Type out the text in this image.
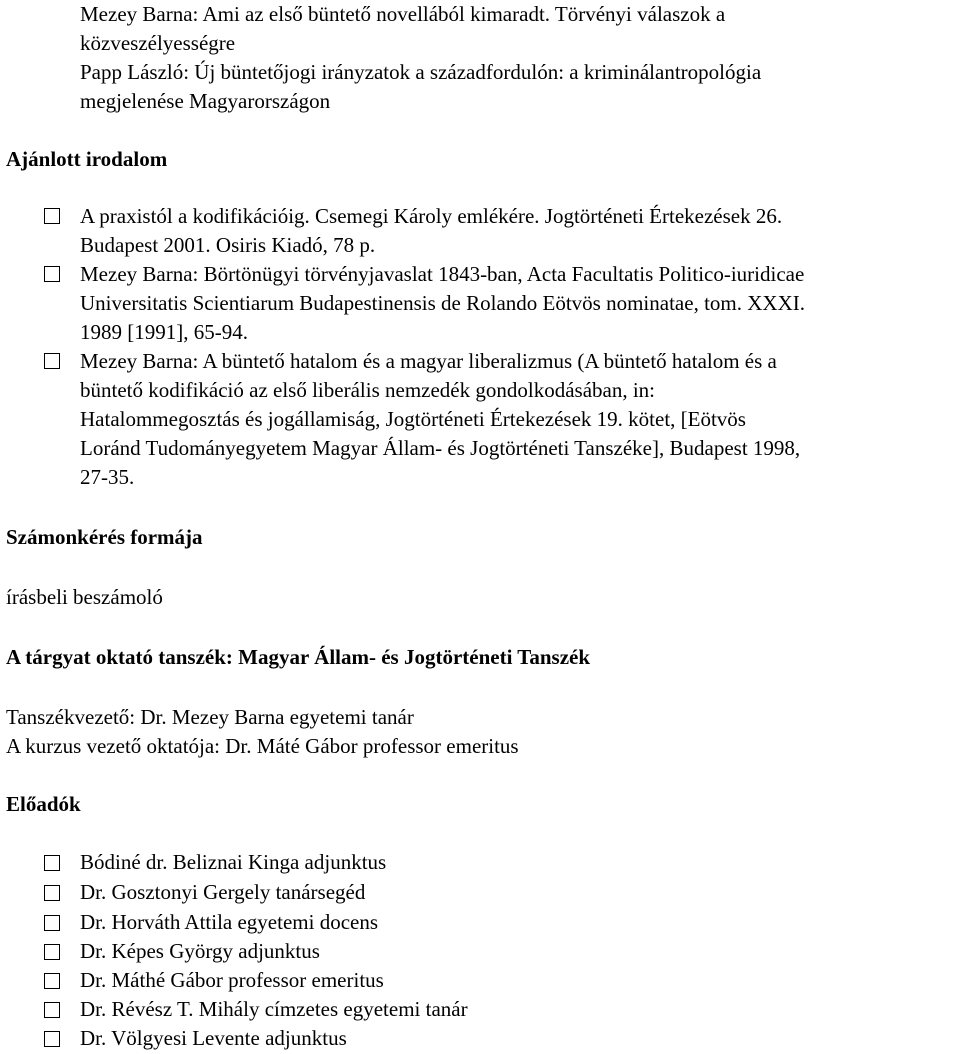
Mezey Barna: Ami az első büntető novellából kimaradt. Törvényi válaszok a
közveszélyességre
Papp László: Új büntetőjogi irányzatok a századfordulón: a kriminálantropológia
megjelenése Magyarországon
Ajánlott irodalom
A praxistól a kodifikációig. Csemegi Károly emlékére. Jogtörténeti Értekezések 26.
Budapest 2001. Osiris Kiadó, 78 p.
Mezey Barna: Börtönügyi törvényjavaslat 1843-ban, Acta Facultatis Politico-iuridicae
Universitatis Scientiarum Budapestinensis de Rolando Eötvös nominatae, tom. XXXI.
1989 [1991], 65-94.
Mezey Barna: A büntető hatalom és a magyar liberalizmus (A büntető hatalom és a
büntető kodifikáció az első liberális nemzedék gondolkodásában, in:
Hatalommegosztás és jogállamiság, Jogtörténeti Értekezések 19. kötet, [Eötvös
Loránd Tudományegyetem Magyar Állam- és Jogtörténeti Tanszéke], Budapest 1998,
27-35.
Számonkérés formája
írásbeli beszámoló
A tárgyat oktató tanszék: Magyar Állam- és Jogtörténeti Tanszék
Tanszékvezető: Dr. Mezey Barna egyetemi tanár
A kurzus vezető oktatója: Dr. Máté Gábor professor emeritus
Előadók
Bódiné dr. Beliznai Kinga adjunktus
Dr. Gosztonyi Gergely tanársegéd
Dr. Horváth Attila egyetemi docens
Dr. Képes György adjunktus
Dr. Máthé Gábor professor emeritus
Dr. Révész T. Mihály címzetes egyetemi tanár
Dr. Völgyesi Levente adjunktus
